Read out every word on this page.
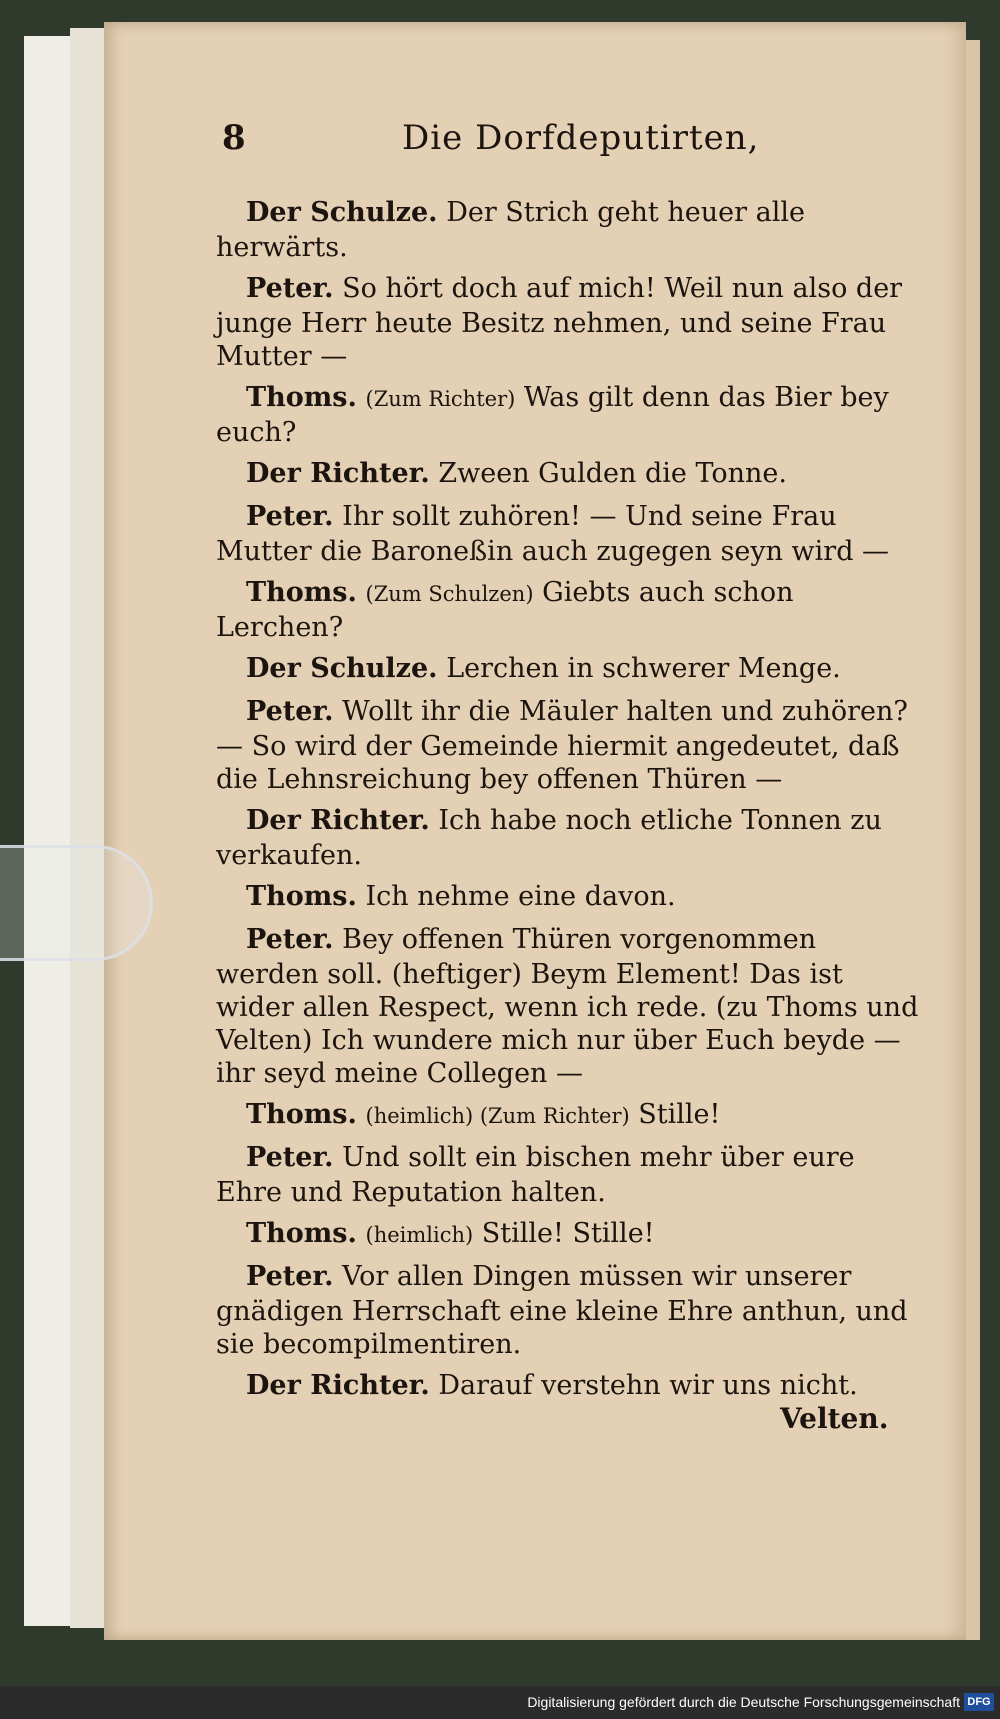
8	Die Dorfdeputirten,

Der Schulze. Der Strich geht heuer alle herwärts.

Peter. So hört doch auf mich! Weil nun also der junge Herr heute Besitz nehmen, und seine Frau Mutter —

Thoms. (Zum Richter) Was gilt denn das Bier bey euch?

Der Richter. Zween Gulden die Tonne.

Peter. Ihr sollt zuhören! — Und seine Frau Mutter die Baroneßin auch zugegen seyn wird —

Thoms. (Zum Schulzen) Giebts auch schon Lerchen?

Der Schulze. Lerchen in schwerer Menge.

Peter. Wollt ihr die Mäuler halten und zuhören? — So wird der Gemeinde hiermit angedeutet, daß die Lehnsreichung bey offenen Thüren —

Der Richter. Ich habe noch etliche Tonnen zu verkaufen.

Thoms. Ich nehme eine davon.

Peter. Bey offenen Thüren vorgenommen werden soll. (heftiger) Beym Element! Das ist wider allen Respect, wenn ich rede. (zu Thoms und Velten) Ich wundere mich nur über Euch beyde — ihr seyd meine Collegen —

Thoms. (heimlich) (Zum Richter) Stille!

Peter. Und sollt ein bischen mehr über eure Ehre und Reputation halten.

Thoms. (heimlich) Stille! Stille!

Peter. Vor allen Dingen müssen wir unserer gnädigen Herrschaft eine kleine Ehre anthun, und sie becompilmentiren.

Der Richter. Darauf verstehn wir uns nicht.

Velten.
Digitalisierung gefördert durch die Deutsche Forschungsgemeinschaft DFG
